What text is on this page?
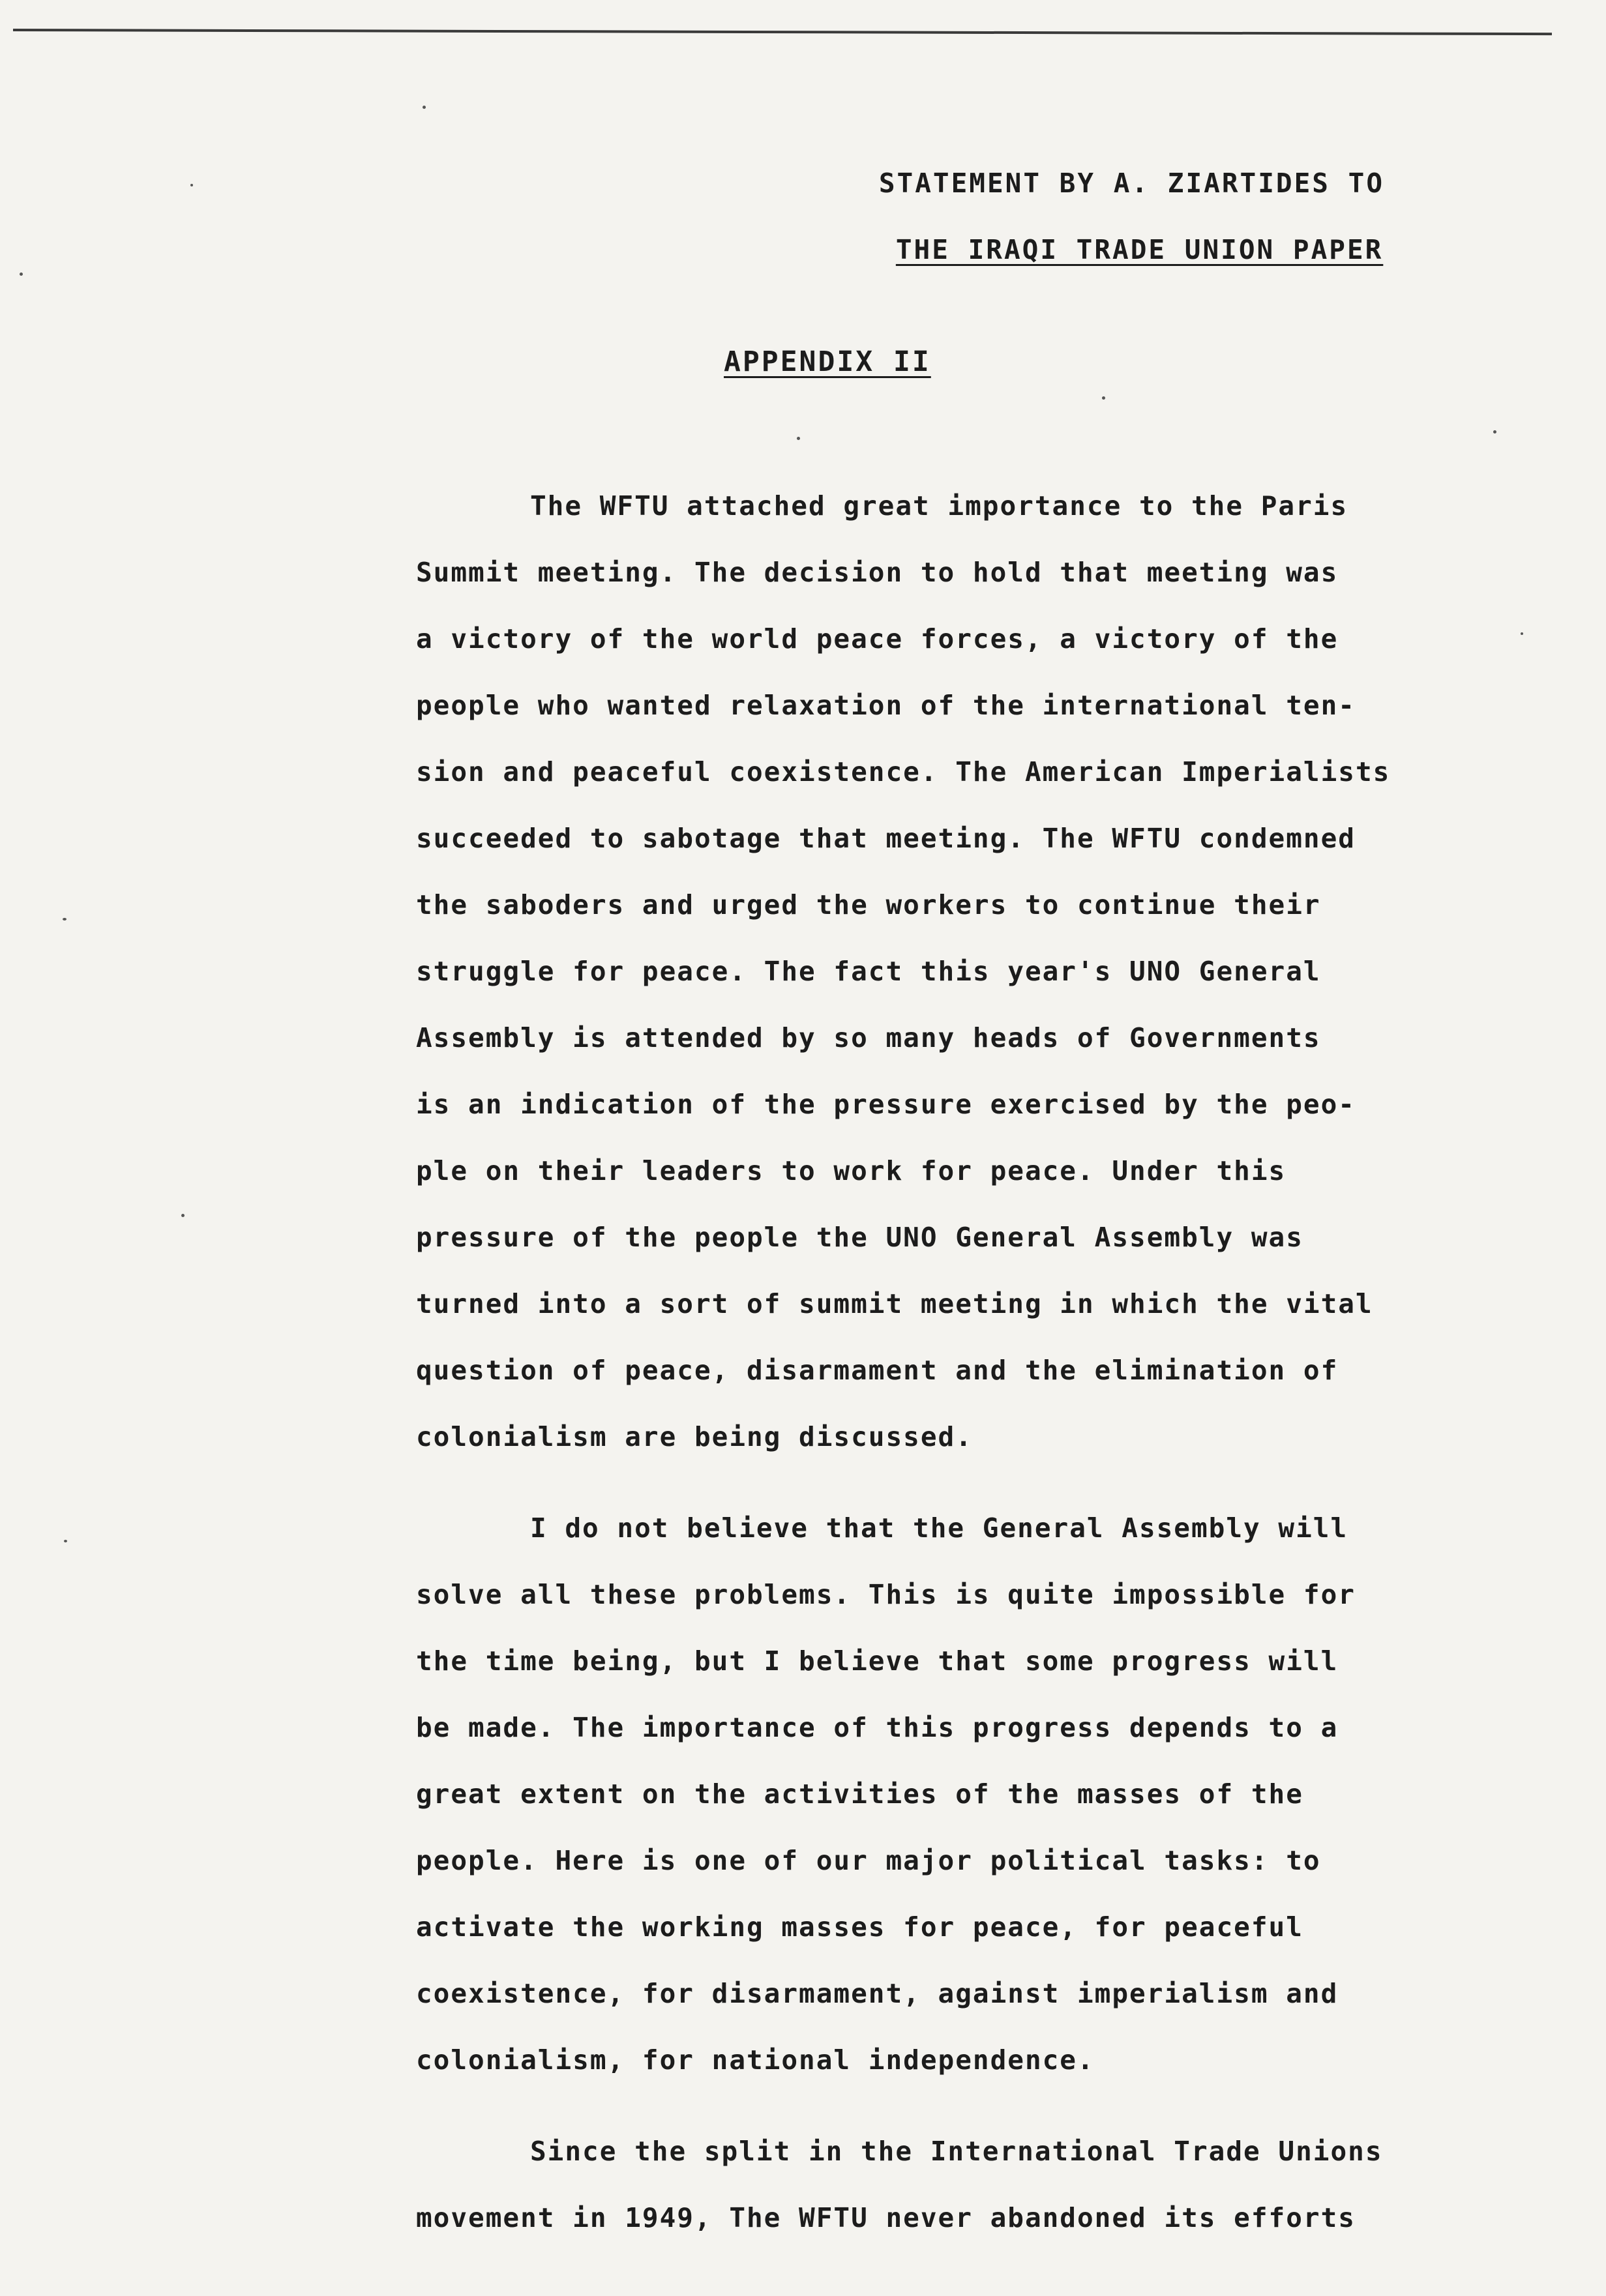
STATEMENT BY A. ZIARTIDES TO
THE IRAQI TRADE UNION PAPER
APPENDIX II
The WFTU attached great importance to the Paris
Summit meeting. The decision to hold that meeting was
a victory of the world peace forces, a victory of the
people who wanted relaxation of the international ten-
sion and peaceful coexistence. The American Imperialists
succeeded to sabotage that meeting. The WFTU condemned
the saboders and urged the workers to continue their
struggle for peace. The fact this year's UNO General
Assembly is attended by so many heads of Governments
is an indication of the pressure exercised by the peo-
ple on their leaders to work for peace. Under this
pressure of the people the UNO General Assembly was
turned into a sort of summit meeting in which the vital
question of peace, disarmament and the elimination of
colonialism are being discussed.
I do not believe that the General Assembly will
solve all these problems. This is quite impossible for
the time being, but I believe that some progress will
be made. The importance of this progress depends to a
great extent on the activities of the masses of the
people. Here is one of our major political tasks: to
activate the working masses for peace, for peaceful
coexistence, for disarmament, against imperialism and
colonialism, for national independence.
Since the split in the International Trade Unions
movement in 1949, The WFTU never abandoned its efforts
